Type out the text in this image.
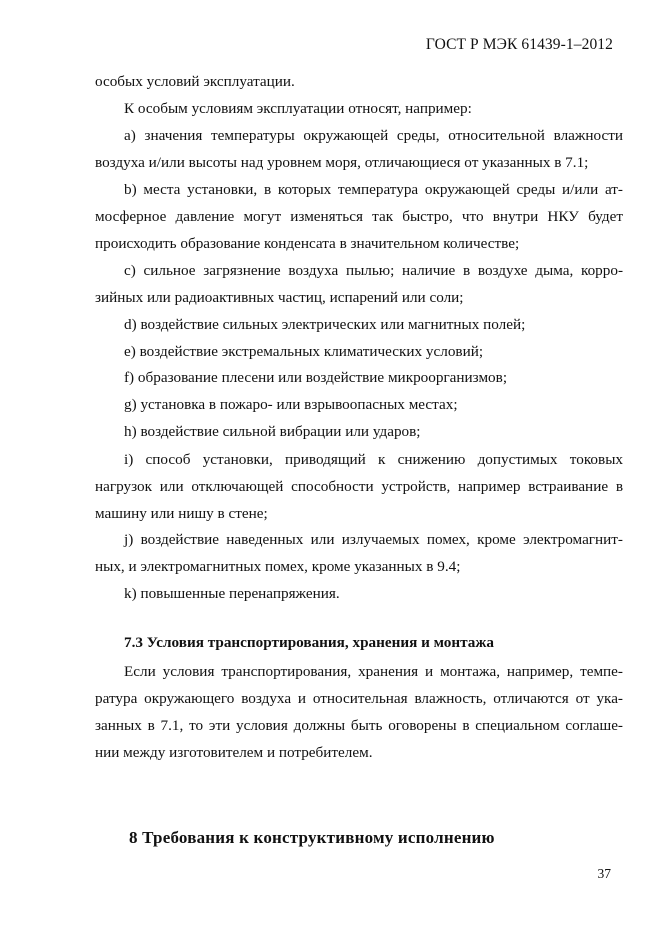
ГОСТ Р МЭК 61439-1–2012
особых условий эксплуатации.
К особым условиям эксплуатации относят, например:
a) значения температуры окружающей среды, относительной влажности
воздуха и/или высоты над уровнем моря, отличающиеся от указанных в 7.1;
b) места установки, в которых температура окружающей среды и/или ат-
мосферное давление могут изменяться так быстро, что внутри НКУ будет
происходить образование конденсата в значительном количестве;
c) сильное загрязнение воздуха пылью; наличие в воздухе дыма, корро-
зийных или радиоактивных частиц, испарений или соли;
d) воздействие сильных электрических или магнитных полей;
e) воздействие экстремальных климатических условий;
f) образование плесени или воздействие микроорганизмов;
g) установка в пожаро- или взрывоопасных местах;
h) воздействие сильной вибрации или ударов;
i) способ установки, приводящий к снижению допустимых токовых
нагрузок или отключающей способности устройств, например встраивание в
машину или нишу в стене;
j) воздействие наведенных или излучаемых помех, кроме электромагнит-
ных, и электромагнитных помех, кроме указанных в 9.4;
k) повышенные перенапряжения.
7.3 Условия транспортирования, хранения и монтажа
Если условия транспортирования, хранения и монтажа, например, темпе-
ратура окружающего воздуха и относительная влажность, отличаются от ука-
занных в 7.1, то эти условия должны быть оговорены в специальном соглаше-
нии между изготовителем и потребителем.
8 Требования к конструктивному исполнению
37
